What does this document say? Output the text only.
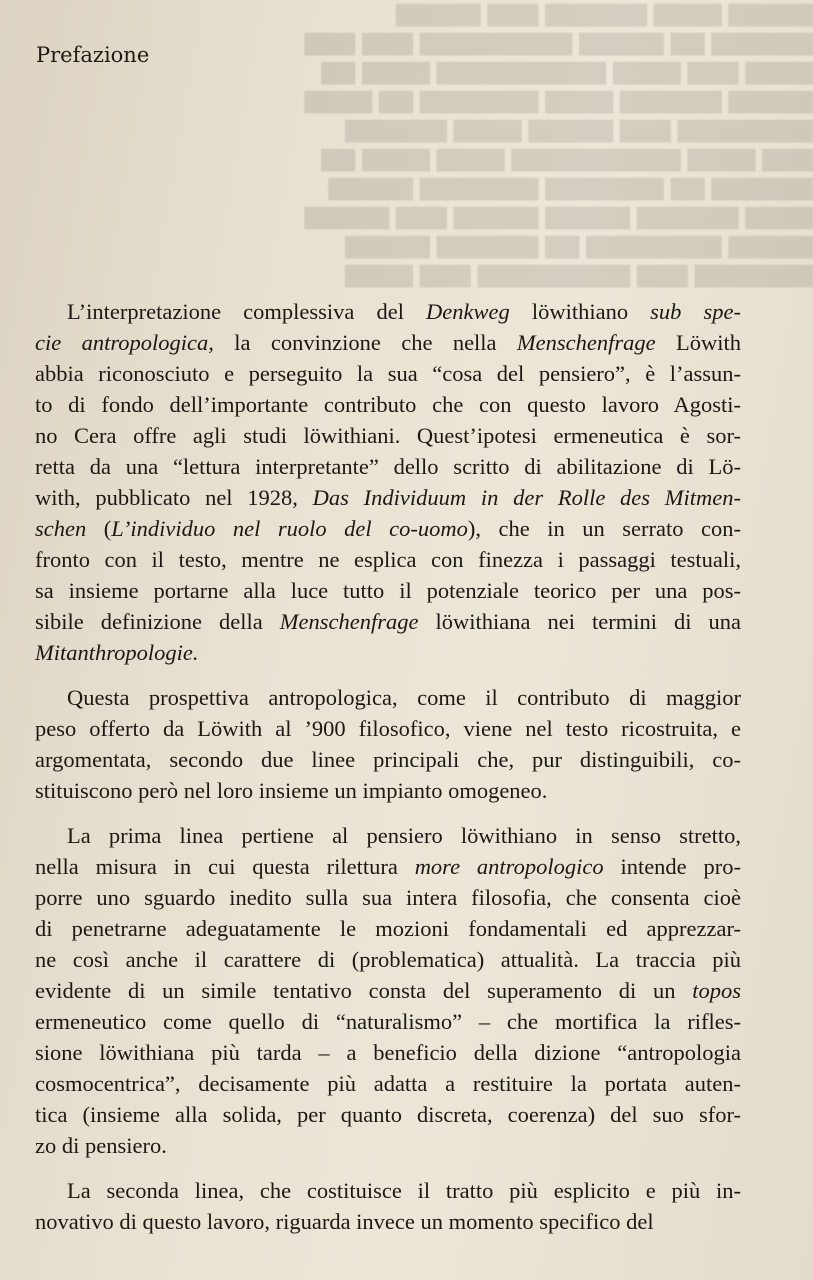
▇▇▇▇▇ ▇▇▇▇ ▇▇▇▇▇▇ ▇▇▇ ▇▇▇▇▇
▇▇▇▇▇▇ ▇▇ ▇▇▇▇▇ ▇▇▇▇▇▇▇▇▇ ▇▇▇ ▇▇▇
▇▇▇▇ ▇▇▇ ▇▇▇▇ ▇▇▇▇▇▇▇▇▇▇ ▇▇▇▇ ▇▇
▇▇▇▇▇ ▇▇▇▇▇▇ ▇▇▇▇ ▇▇▇▇▇▇▇ ▇▇ ▇▇▇▇
▇▇▇▇▇▇▇▇ ▇▇▇ ▇▇▇▇▇ ▇▇▇▇ ▇▇▇▇▇▇
▇▇▇ ▇▇▇▇ ▇▇▇▇▇▇▇▇▇▇ ▇▇▇▇ ▇▇▇▇ ▇▇
▇▇▇▇▇▇ ▇▇ ▇▇▇▇▇▇▇ ▇▇▇▇▇▇▇ ▇▇▇▇▇
▇▇▇▇ ▇▇▇▇▇▇ ▇▇▇▇▇ ▇▇▇▇▇ ▇▇▇ ▇▇▇▇▇
▇▇▇▇▇ ▇▇▇▇▇▇▇▇ ▇▇ ▇▇▇▇▇▇ ▇▇▇▇▇
▇▇▇▇▇▇▇ ▇▇▇ ▇▇▇▇▇▇▇▇▇ ▇▇▇ ▇▇▇▇
Prefazione

L’interpretazione complessiva del Denkweg löwithiano sub spe-
cie antropologica, la convinzione che nella Menschenfrage Löwith
abbia riconosciuto e perseguito la sua “cosa del pensiero”, è l’assun-
to di fondo dell’importante contributo che con questo lavoro Agosti-
no Cera offre agli studi löwithiani. Quest’ipotesi ermeneutica è sor-
retta da una “lettura interpretante” dello scritto di abilitazione di Lö-
with, pubblicato nel 1928, Das Individuum in der Rolle des Mitmen-
schen (L’individuo nel ruolo del co-uomo), che in un serrato con-
fronto con il testo, mentre ne esplica con finezza i passaggi testuali,
sa insieme portarne alla luce tutto il potenziale teorico per una pos-
sibile definizione della Menschenfrage löwithiana nei termini di una
Mitanthropologie.

Questa prospettiva antropologica, come il contributo di maggior
peso offerto da Löwith al ’900 filosofico, viene nel testo ricostruita, e
argomentata, secondo due linee principali che, pur distinguibili, co-
stituiscono però nel loro insieme un impianto omogeneo.

La prima linea pertiene al pensiero löwithiano in senso stretto,
nella misura in cui questa rilettura more antropologico intende pro-
porre uno sguardo inedito sulla sua intera filosofia, che consenta cioè
di penetrarne adeguatamente le mozioni fondamentali ed apprezzar-
ne così anche il carattere di (problematica) attualità. La traccia più
evidente di un simile tentativo consta del superamento di un topos
ermeneutico come quello di “naturalismo” – che mortifica la rifles-
sione löwithiana più tarda – a beneficio della dizione “antropologia
cosmocentrica”, decisamente più adatta a restituire la portata auten-
tica (insieme alla solida, per quanto discreta, coerenza) del suo sfor-
zo di pensiero.

La seconda linea, che costituisce il tratto più esplicito e più in-
novativo di questo lavoro, riguarda invece un momento specifico del
